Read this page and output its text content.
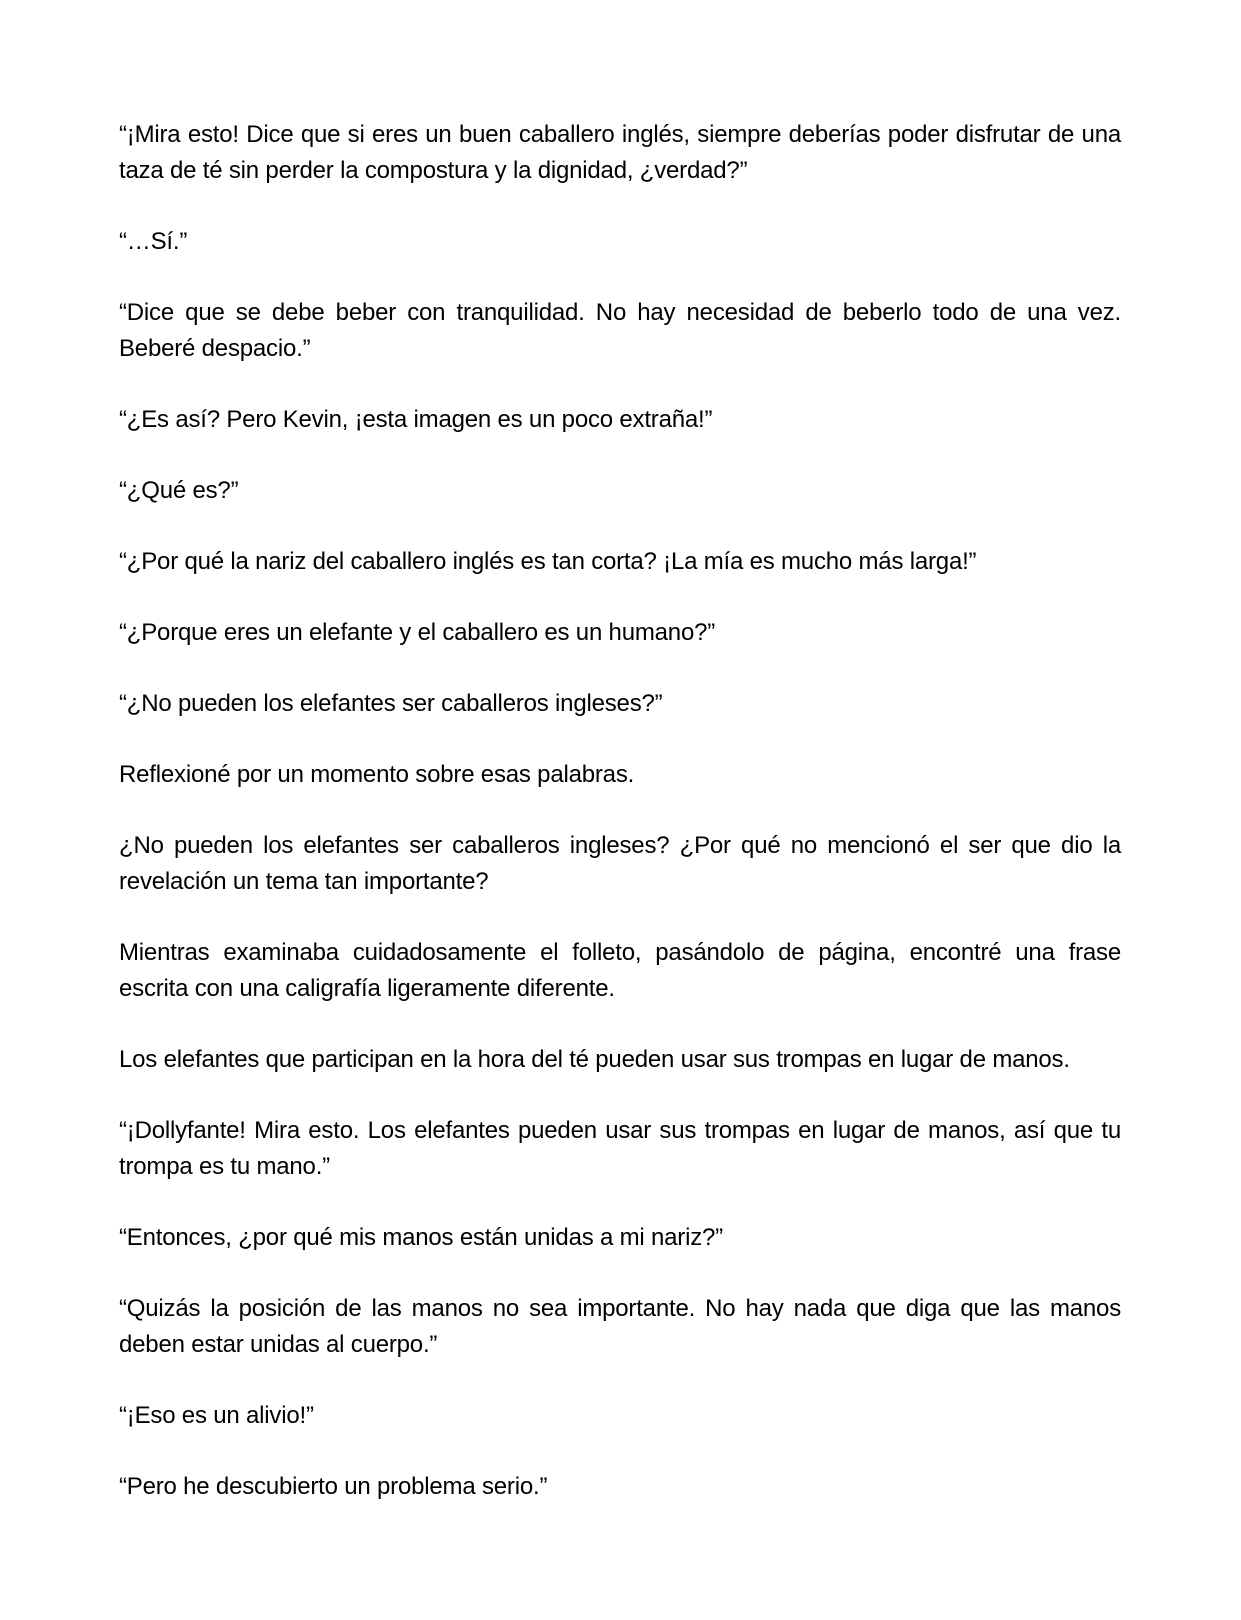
“¡Mira esto! Dice que si eres un buen caballero inglés, siempre deberías poder disfrutar de una taza de té sin perder la compostura y la dignidad, ¿verdad?”

“…Sí.”

“Dice que se debe beber con tranquilidad. No hay necesidad de beberlo todo de una vez. Beberé despacio.”

“¿Es así? Pero Kevin, ¡esta imagen es un poco extraña!”

“¿Qué es?”

“¿Por qué la nariz del caballero inglés es tan corta? ¡La mía es mucho más larga!”

“¿Porque eres un elefante y el caballero es un humano?”

“¿No pueden los elefantes ser caballeros ingleses?”

Reflexioné por un momento sobre esas palabras.

¿No pueden los elefantes ser caballeros ingleses? ¿Por qué no mencionó el ser que dio la revelación un tema tan importante?

Mientras examinaba cuidadosamente el folleto, pasándolo de página, encontré una frase escrita con una caligrafía ligeramente diferente.

Los elefantes que participan en la hora del té pueden usar sus trompas en lugar de manos.

“¡Dollyfante! Mira esto. Los elefantes pueden usar sus trompas en lugar de manos, así que tu trompa es tu mano.”

“Entonces, ¿por qué mis manos están unidas a mi nariz?”

“Quizás la posición de las manos no sea importante. No hay nada que diga que las manos deben estar unidas al cuerpo.”

“¡Eso es un alivio!”

“Pero he descubierto un problema serio.”
